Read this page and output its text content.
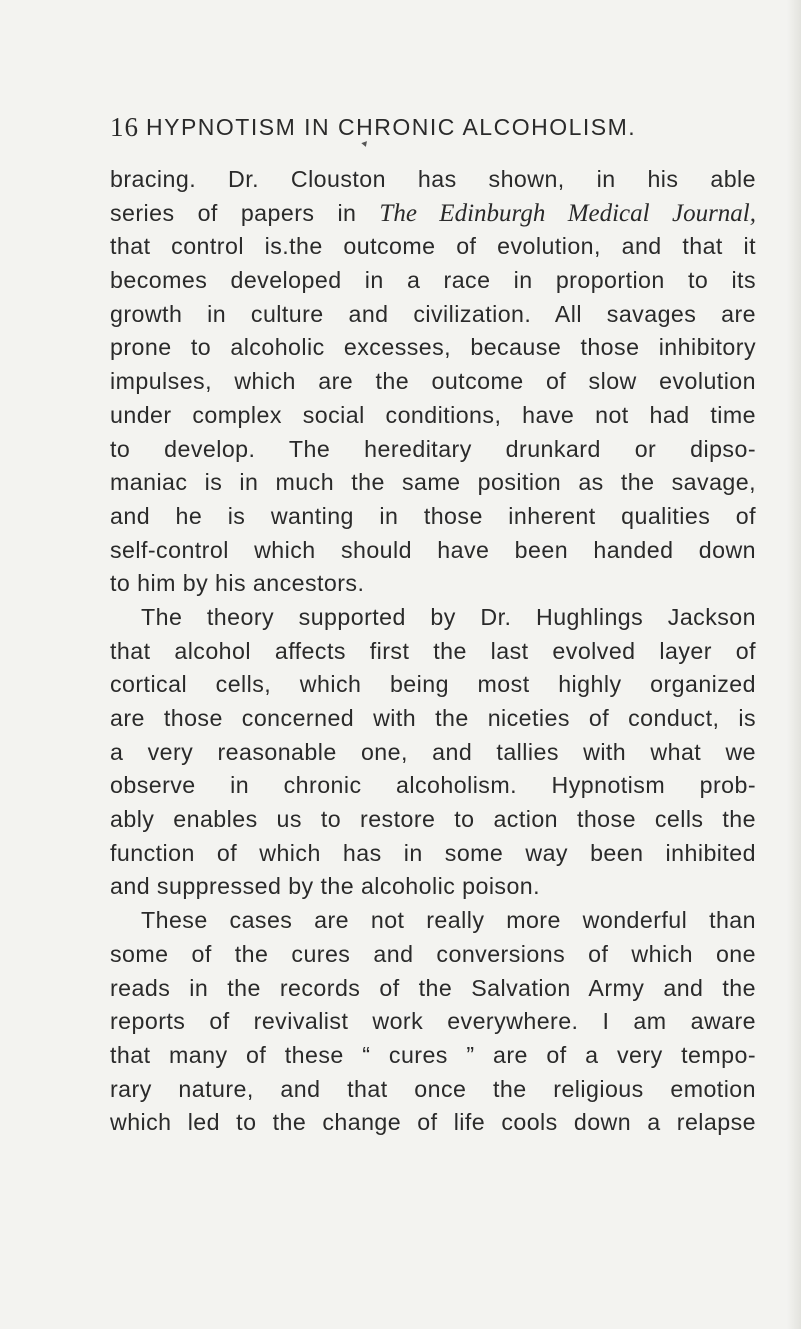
16 HYPNOTISM IN CHRONIC ALCOHOLISM.
bracing. Dr. Clouston has shown, in his able
series of papers in The Edinburgh Medical Journal,
that control is.the outcome of evolution, and that it
becomes developed in a race in proportion to its
growth in culture and civilization. All savages are
prone to alcoholic excesses, because those inhibitory
impulses, which are the outcome of slow evolution
under complex social conditions, have not had time
to develop. The hereditary drunkard or dipso-
maniac is in much the same position as the savage,
and he is wanting in those inherent qualities of
self-control which should have been handed down
to him by his ancestors.
The theory supported by Dr. Hughlings Jackson
that alcohol affects first the last evolved layer of
cortical cells, which being most highly organized
are those concerned with the niceties of conduct, is
a very reasonable one, and tallies with what we
observe in chronic alcoholism. Hypnotism prob-
ably enables us to restore to action those cells the
function of which has in some way been inhibited
and suppressed by the alcoholic poison.
These cases are not really more wonderful than
some of the cures and conversions of which one
reads in the records of the Salvation Army and the
reports of revivalist work everywhere. I am aware
that many of these “ cures ” are of a very tempo-
rary nature, and that once the religious emotion
which led to the change of life cools down a relapse
